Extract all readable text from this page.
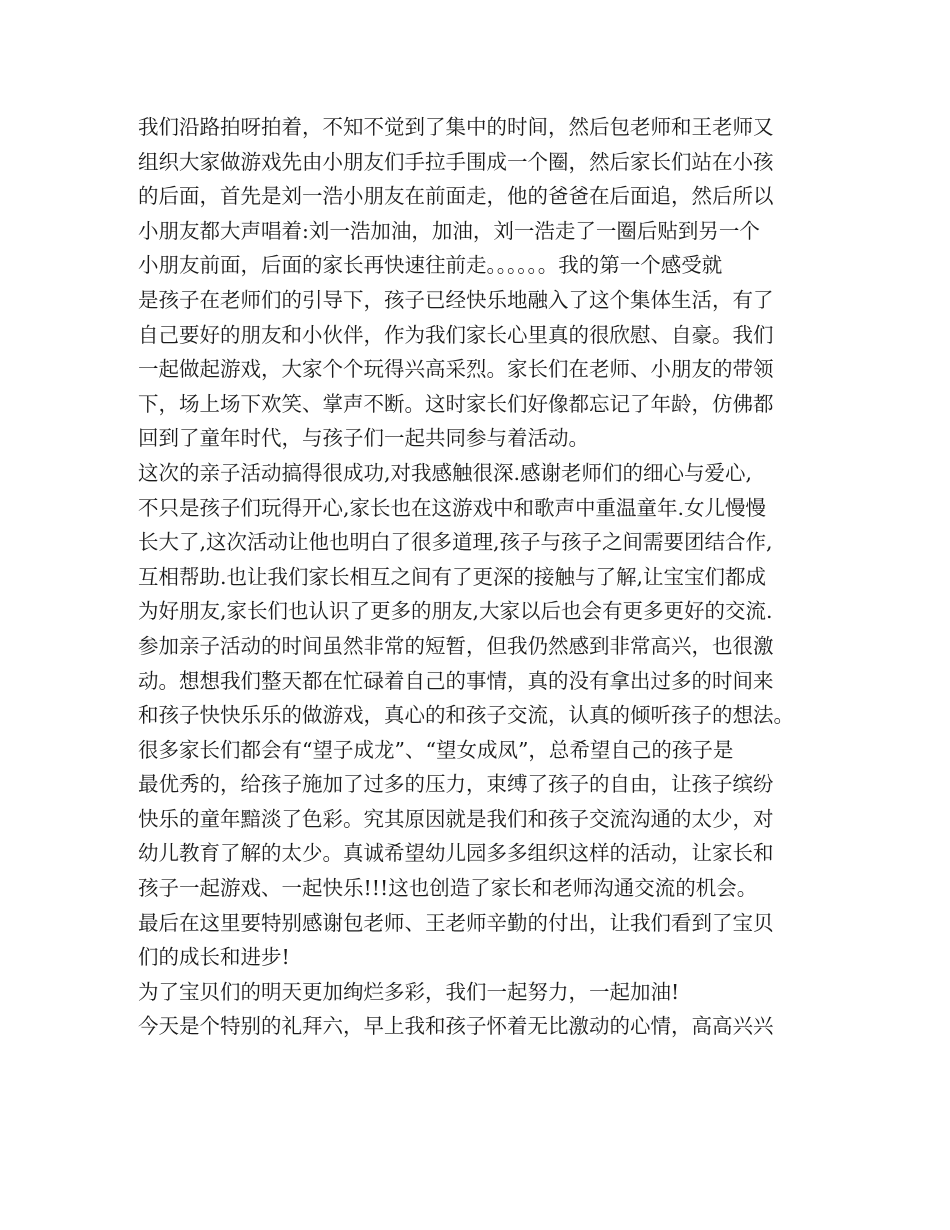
我们沿路拍呀拍着，不知不觉到了集中的时间，然后包老师和王老师又
组织大家做游戏先由小朋友们手拉手围成一个圈，然后家长们站在小孩
的后面，首先是刘一浩小朋友在前面走，他的爸爸在后面追，然后所以
小朋友都大声唱着:刘一浩加油，加油，刘一浩走了一圈后贴到另一个
小朋友前面，后面的家长再快速往前走。。。。。。我的第一个感受就
是孩子在老师们的引导下，孩子已经快乐地融入了这个集体生活，有了
自己要好的朋友和小伙伴，作为我们家长心里真的很欣慰、自豪。我们
一起做起游戏，大家个个玩得兴高采烈。家长们在老师、小朋友的带领
下，场上场下欢笑、掌声不断。这时家长们好像都忘记了年龄，仿佛都
回到了童年时代，与孩子们一起共同参与着活动。
这次的亲子活动搞得很成功,对我感触很深.感谢老师们的细心与爱心,
不只是孩子们玩得开心,家长也在这游戏中和歌声中重温童年.女儿慢慢
长大了,这次活动让他也明白了很多道理,孩子与孩子之间需要团结合作,
互相帮助.也让我们家长相互之间有了更深的接触与了解,让宝宝们都成
为好朋友,家长们也认识了更多的朋友,大家以后也会有更多更好的交流.
参加亲子活动的时间虽然非常的短暂，但我仍然感到非常高兴，也很激
动。想想我们整天都在忙碌着自己的事情，真的没有拿出过多的时间来
和孩子快快乐乐的做游戏，真心的和孩子交流，认真的倾听孩子的想法。
很多家长们都会有“望子成龙”、“望女成凤”，总希望自己的孩子是
最优秀的，给孩子施加了过多的压力，束缚了孩子的自由，让孩子缤纷
快乐的童年黯淡了色彩。究其原因就是我们和孩子交流沟通的太少，对
幼儿教育了解的太少。真诚希望幼儿园多多组织这样的活动，让家长和
孩子一起游戏、一起快乐!!!这也创造了家长和老师沟通交流的机会。
最后在这里要特别感谢包老师、王老师辛勤的付出，让我们看到了宝贝
们的成长和进步!
为了宝贝们的明天更加绚烂多彩，我们一起努力，一起加油!
今天是个特别的礼拜六，早上我和孩子怀着无比激动的心情，高高兴兴
